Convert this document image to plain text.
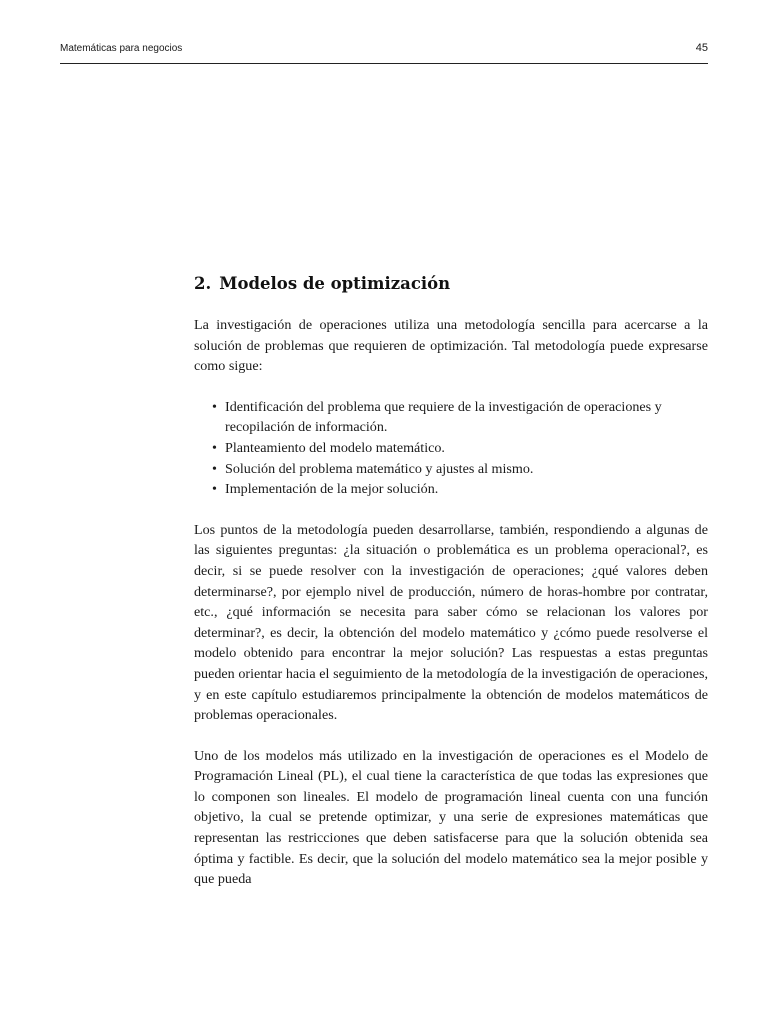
Matemáticas para negocios	45
2. Modelos de optimización

La investigación de operaciones utiliza una metodología sencilla para acercarse a la solución de problemas que requieren de optimización. Tal metodología puede expresarse como sigue:

• Identificación del problema que requiere de la investigación de operaciones y recopilación de información.
• Planteamiento del modelo matemático.
• Solución del problema matemático y ajustes al mismo.
• Implementación de la mejor solución.

Los puntos de la metodología pueden desarrollarse, también, respondiendo a algunas de las siguientes preguntas: ¿la situación o problemática es un problema operacional?, es decir, si se puede resolver con la investigación de operaciones; ¿qué valores deben determinarse?, por ejemplo nivel de producción, número de horas-hombre por contratar, etc., ¿qué información se necesita para saber cómo se relacionan los valores por determinar?, es decir, la obtención del modelo matemático y ¿cómo puede resolverse el modelo obtenido para encontrar la mejor solución? Las respuestas a estas preguntas pueden orientar hacia el seguimiento de la metodología de la investigación de operaciones, y en este capítulo estudiaremos principalmente la obtención de modelos matemáticos de problemas operacionales.

Uno de los modelos más utilizado en la investigación de operaciones es el Modelo de Programación Lineal (PL), el cual tiene la característica de que todas las expresiones que lo componen son lineales. El modelo de programación lineal cuenta con una función objetivo, la cual se pretende optimizar, y una serie de expresiones matemáticas que representan las restricciones que deben satisfacerse para que la solución obtenida sea óptima y factible. Es decir, que la solución del modelo matemático sea la mejor posible y que pueda
